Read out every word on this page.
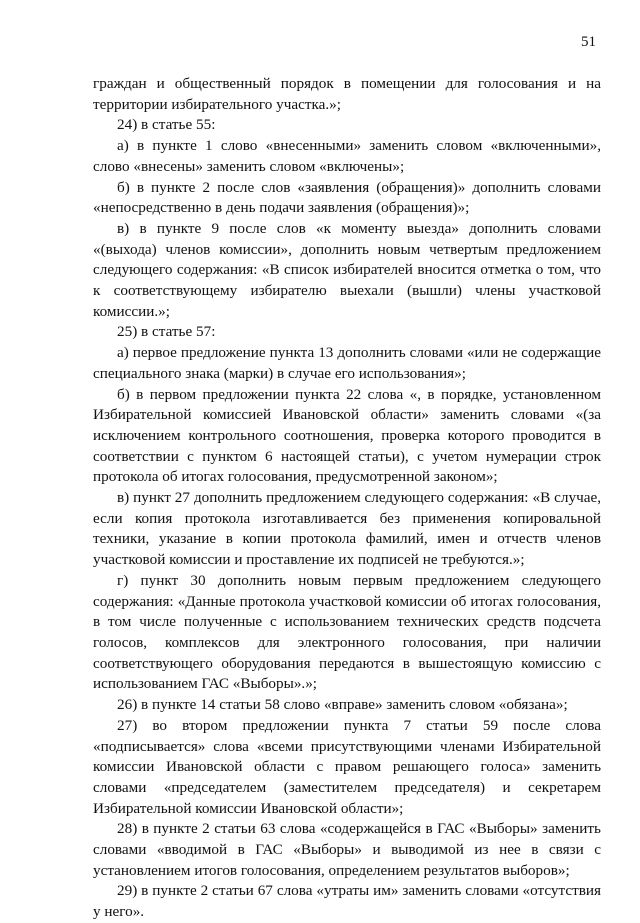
51

граждан и общественный порядок в помещении для голосования и на территории избирательного участка.»;

24) в статье 55:

а) в пункте 1 слово «внесенными» заменить словом «включенными», слово «внесены» заменить словом «включены»;

б) в пункте 2 после слов «заявления (обращения)» дополнить словами «непосредственно в день подачи заявления (обращения)»;

в) в пункте 9 после слов «к моменту выезда» дополнить словами «(выхода) членов комиссии», дополнить новым четвертым предложением следующего содержания: «В список избирателей вносится отметка о том, что к соответствующему избирателю выехали (вышли) члены участковой комиссии.»;

25) в статье 57:

а) первое предложение пункта 13 дополнить словами «или не содержащие специального знака (марки) в случае его использования»;

б) в первом предложении пункта 22 слова «, в порядке, установленном Избирательной комиссией Ивановской области» заменить словами «(за исключением контрольного соотношения, проверка которого проводится в соответствии с пунктом 6 настоящей статьи), с учетом нумерации строк протокола об итогах голосования, предусмотренной законом»;

в) пункт 27 дополнить предложением следующего содержания: «В случае, если копия протокола изготавливается без применения копировальной техники, указание в копии протокола фамилий, имен и отчеств членов участковой комиссии и проставление их подписей не требуются.»;

г) пункт 30 дополнить новым первым предложением следующего содержания: «Данные протокола участковой комиссии об итогах голосования, в том числе полученные с использованием технических средств подсчета голосов, комплексов для электронного голосования, при наличии соответствующего оборудования передаются в вышестоящую комиссию с использованием ГАС «Выборы».»;

26) в пункте 14 статьи 58 слово «вправе» заменить словом «обязана»;

27) во втором предложении пункта 7 статьи 59 после слова «подписывается» слова «всеми присутствующими членами Избирательной комиссии Ивановской области с правом решающего голоса» заменить словами «председателем (заместителем председателя) и секретарем Избирательной комиссии Ивановской области»;

28) в пункте 2 статьи 63 слова «содержащейся в ГАС «Выборы» заменить словами «вводимой в ГАС «Выборы» и выводимой из нее в связи с установлением итогов голосования, определением результатов выборов»;

29) в пункте 2 статьи 67 слова «утраты им» заменить словами «отсутствия у него».
